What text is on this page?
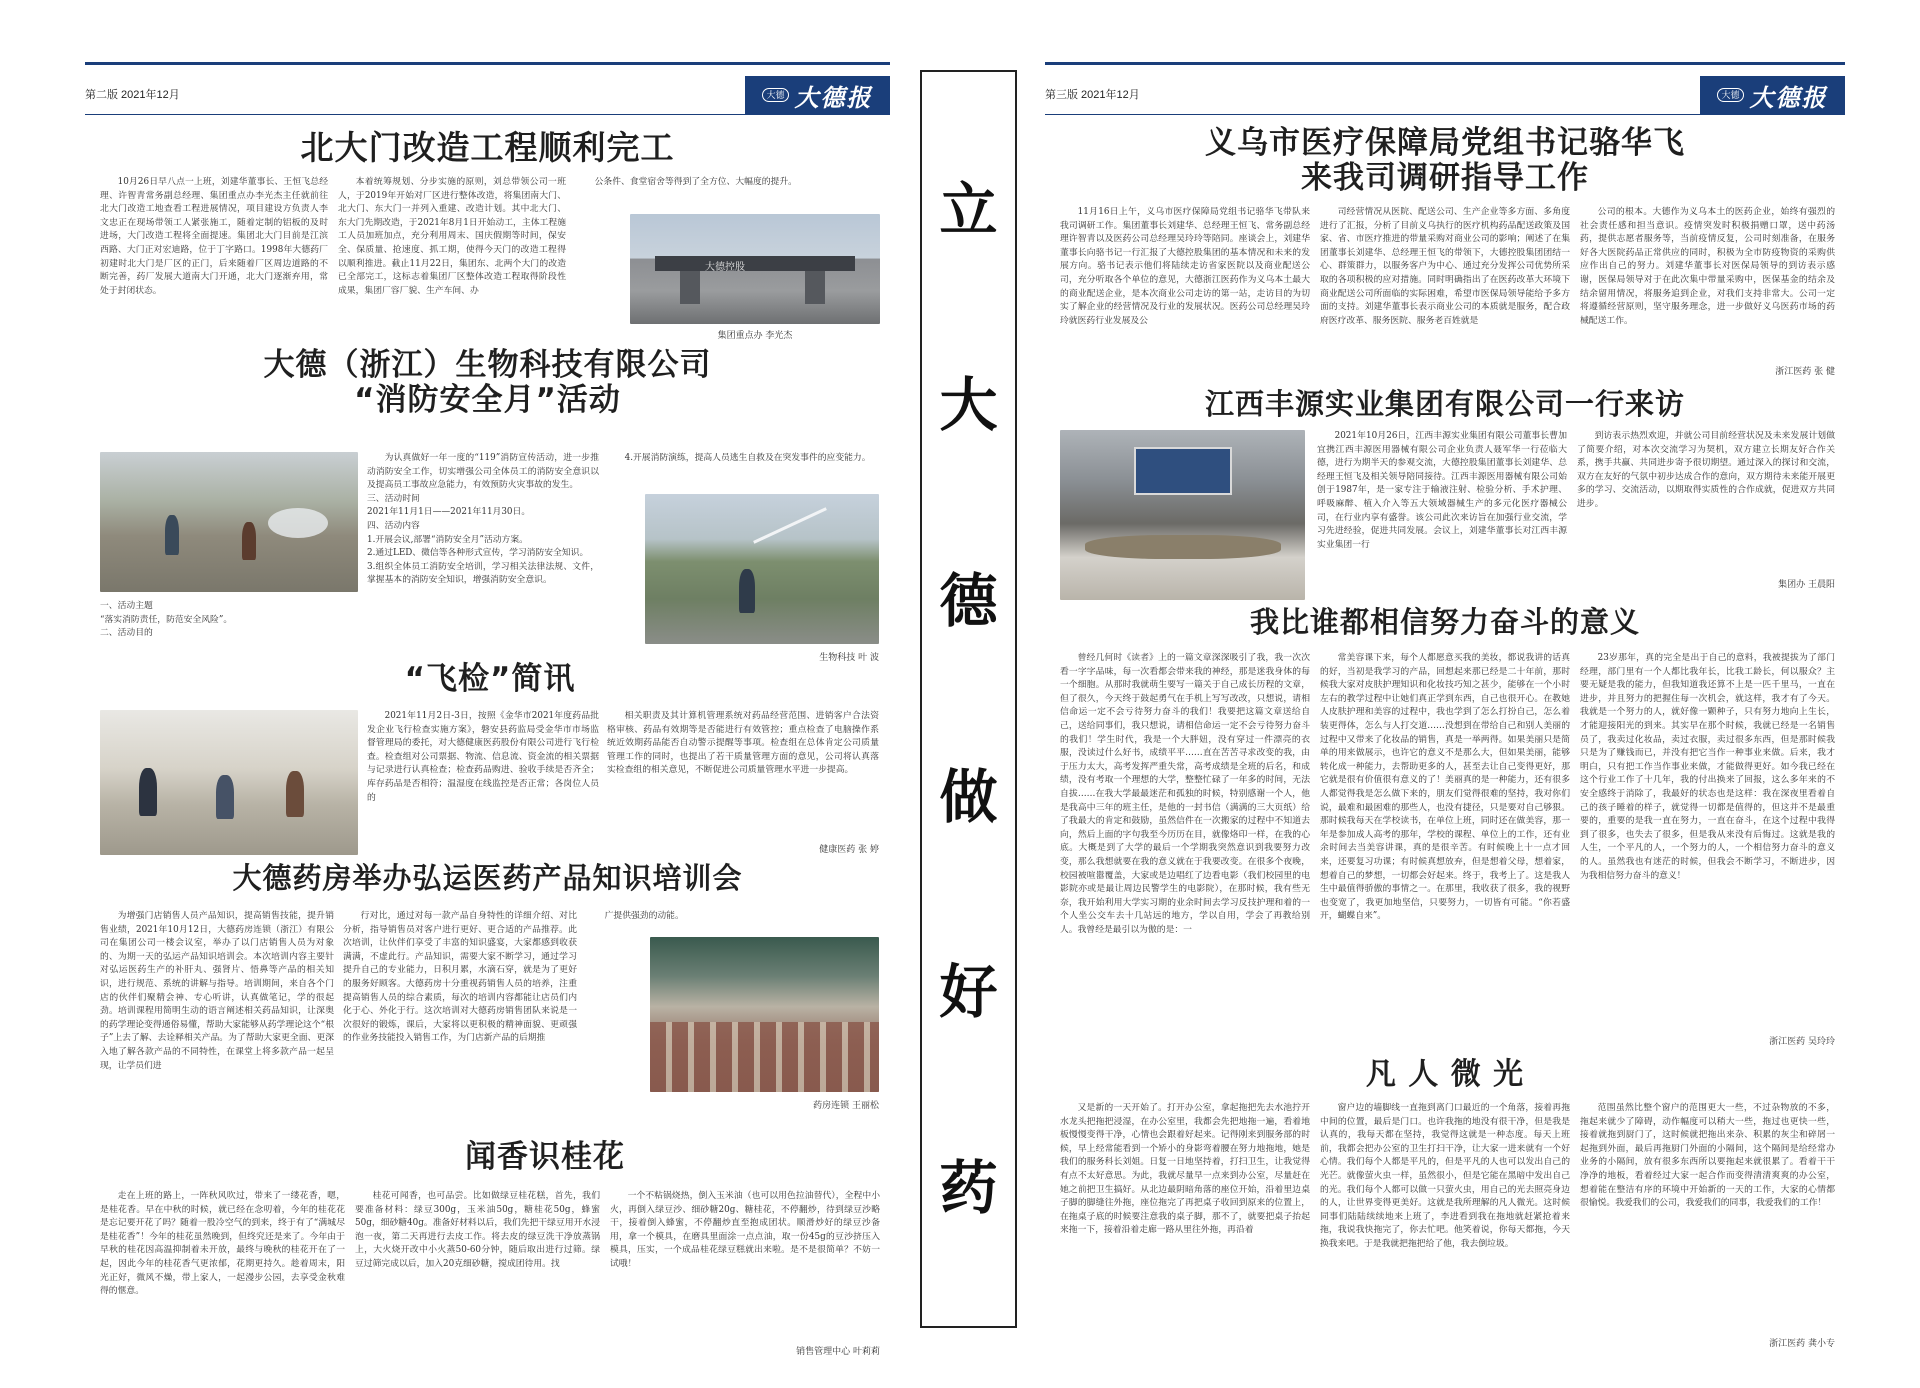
第二版 2021年12月	大德 大德报
北大门改造工程顺利完工

10月26日早八点一上班，刘建华董事长、王恒飞总经理、许智青常务副总经理、集团重点办李光杰主任就前往北大门改造工地查看工程进展情况，项目建设方负责人李文忠正在现场带领工人紧张施工，随着定制的铝板的及时进场，大门改造工程将全面提速。集团北大门目前是江滨西路、大门正对宏迪路，位于丁字路口。1998年大德药厂初建时北大门是厂区的正门，后来随着厂区周边道路的不断完善，药厂发展大道南大门开通，北大门逐渐弃用，常处于封闭状态。

本着统筹规划、分步实施的原则，刘总带领公司一班人，于2019年开始对厂区进行整体改造，将集团南大门、北大门、东大门一并列入重建、改造计划。其中北大门、东大门先期改造，于2021年8月1日开始动工，主体工程施工人员加班加点，充分利用周末、国庆假期等时间，保安全、保质量、抢速度、抓工期，使得今天门的改造工程得以顺利推进。截止11月22日，集团东、北两个大门的改造已全部完工，这标志着集团厂区整体改造工程取得阶段性成果，集团厂容厂貌、生产车间、办

公条件、食堂宿舍等得到了全方位、大幅度的提升。

大德控股
集团重点办 李光杰
大德（浙江）生物科技有限公司
“消防安全月”活动

一、活动主题
“落实消防责任，防范安全风险”。
二、活动目的

为认真做好一年一度的“119”消防宣传活动，进一步推动消防安全工作，切实增强公司全体员工的消防安全意识以及提高员工事故应急能力，有效预防火灾事故的发生。
三、活动时间
2021年11月1日——2021年11月30日。
四、活动内容
1.开展会议,部署“消防安全月”活动方案。
2.通过LED、微信等各种形式宣传，学习消防安全知识。
3.组织全体员工消防安全培训，学习相关法律法规、文件，掌握基本的消防安全知识，增强消防安全意识。

4.开展消防演练，提高人员逃生自救及在突发事件的应变能力。

生物科技 叶 波
“飞检”简讯

2021年11月2日-3日，按照《金华市2021年度药品批发企业飞行检查实施方案》，磐安县药监局受金华市市场监督管理局的委托，对大德健康医药股份有限公司进行飞行检查。检查组对公司票据、物流、信息流、资金流的相关票据与记录进行认真检查；检查药品购进、验收手续是否齐全；库存药品是否相符；温湿度在线监控是否正常；各岗位人员的

相关职责及其计算机管理系统对药品经营范围、进销客户合法资格审核、药品有效期等是否能进行有效管控；重点检查了电脑操作系统近效期药品能否自动警示提醒等事项。检查组在总体肯定公司质量管理工作的同时，也提出了若干质量管理方面的意见，公司将认真落实检查组的相关意见，不断促进公司质量管理水平进一步提高。

健康医药 张 婷
大德药房举办弘运医药产品知识培训会

为增强门店销售人员产品知识，提高销售技能，提升销售业绩，2021年10月12日，大德药房连锁（浙江）有限公司在集团公司一楼会议室，举办了以门店销售人员为对象的、为期一天的弘运产品知识培训会。本次培训内容主要针对弘运医药生产的补肝丸、强肾片、悟鼻等产品的相关知识，进行规范、系统的讲解与指导。培训期间，来自各个门店的伙伴们聚精会神、专心听讲，认真做笔记，学的很起劲。培训课程用简明生动的语言阐述相关药品知识，让深奥的药学理论变得通俗易懂，帮助大家能够从药学理论这个“根子”上去了解、去诠释相关产品。为了帮助大家更全面、更深入地了解各款产品的不同特性，在课堂上将多款产品一起呈现，让学员们进

行对比，通过对每一款产品自身特性的详细介绍、对比分析，指导销售员对客户进行更好、更合适的产品推荐。此次培训，让伙伴们享受了丰富的知识盛宴，大家都感到收获满满，不虚此行。产品知识，需要大家不断学习，通过学习提升自己的专业能力，日积月累，水滴石穿，就是为了更好的服务好顾客。大德药房十分重视药销售人员的培养，注重提高销售人员的综合素质，每次的培训内容都能让店员们内化于心、外化于行。这次培训对大德药房销售团队来说是一次很好的锻炼，课后，大家将以更积极的精神面貌、更顽强的作业务技能投入销售工作，为门店新产品的后期推

广提供强劲的动能。

药房连锁 王丽松
闻香识桂花

走在上班的路上，一阵秋风吹过，带来了一缕花香，嗯，是桂花香。早在中秋的时候，就已经在念叨着，今年的桂花花是忘记要开花了吗？随着一股冷空气的到来，终于有了“满城尽是桂花香”！今年的桂花虽然晚到，但终究还是来了。今年由于早秋的桂花因高温抑制着未开放，最终与晚秋的桂花开在了一起，因此今年的桂花香气更浓郁，花期更持久。趁着周末，阳光正好，微风不燥，带上家人，一起漫步公园，去享受金秋难得的惬意。

桂花可闻香，也可品尝。比如做绿豆桂花糕，首先，我们要准备材料：绿豆300g，玉米油50g，糖桂花50g，蜂蜜50g，细砂糖40g。准备好材料以后，我们先把干绿豆用开水浸泡一夜，第二天再进行去皮工作。将去皮的绿豆洗干净放蒸锅上，大火烧开改中小火蒸50-60分钟，随后取出进行过筛。绿豆过筛完成以后，加入20克细砂糖，搅成团待用。找

一个不粘锅烧热，倒入玉米油（也可以用色拉油替代），全程中小火，再倒入绿豆沙、细砂糖20g、糖桂花，不停翻炒，待到绿豆沙略干，接着倒入蜂蜜，不停翻炒直至抱成团状。顺滑炒好的绿豆沙备用，拿一个模具，在磨具里面涂一点点油，取一份45g的豆沙挤压入模具，压实，一个成品桂花绿豆糕就出来啦。是不是很简单？不妨一试哦！

销售管理中心 叶莉莉
立
大
德
做
好
药
第三版 2021年12月	大德 大德报
义乌市医疗保障局党组书记骆华飞
来我司调研指导工作

11月16日上午，义乌市医疗保障局党组书记骆华飞带队来我司调研工作。集团董事长刘建华、总经理王恒飞、常务副总经理许智青以及医药公司总经理吴玲玲等陪同。座谈会上，刘建华董事长向骆书记一行汇报了大德控股集团的基本情况和未来的发展方向。骆书记表示他们将陆续走访省家医院以及商业配送公司，充分听取各个单位的意见，大德浙江医药作为义乌本土最大的商业配送企业，是本次商业公司走访的第一站，走访目的为切实了解企业的经营情况及行业的发展状况。医药公司总经理吴玲玲就医药行业发展及公

司经营情况从医院、配送公司、生产企业等多方面、多角度进行了汇报，分析了目前义乌执行的医疗机构药品配送政策及国家、省、市医疗推进的带量采购对商业公司的影响；阐述了在集团董事长刘建华、总经理王恒飞的带领下，大德控股集团团结一心、群策群力，以服务客户为中心、通过充分发挥公司优势所采取的各项积极的应对措施。同时明确指出了在医药改革大环境下商业配送公司所面临的实际困难，希望市医保局领导能给予多方面的支持。刘建华董事长表示商业公司的本质就是服务，配合政府医疗改革、服务医院、服务老百姓就是

公司的根本。大德作为义乌本土的医药企业，始终有强烈的社会责任感和担当意识。疫情突发时积极捐赠口罩，送中药汤药，提供志愿者服务等，当前疫情反复，公司时刻准备，在服务好各大医院药品正常供应的同时，积极为全市防疫物资的采购供应作出自己的努力。刘建华董事长对医保局领导的到访表示感谢，医保局领导对于在此次集中带量采购中，医保基金的结余及结余留用情况，将服务追到企业，对我们支持非常大。公司一定将遵循经营原则，坚守服务理念，进一步做好义乌医药市场的药械配送工作。

浙江医药 张 健
江西丰源实业集团有限公司一行来访

2021年10月26日，江西丰源实业集团有限公司董事长曹加宜携江西丰源医用器械有限公司企业负责人聂军华一行莅临大德，进行为期半天的参观交流，大德控股集团董事长刘建华、总经理王恒飞及相关领导陪同接待。江西丰源医用器械有限公司始创于1987年，是一家专注于输液注射、检验分析、手术护理、呼吸麻醉、植入介入等五大领域器械生产的多元化医疗器械公司，在行业内享有盛誉。该公司此次来访旨在加强行业交流，学习先进经验，促进共同发展。会议上，刘建华董事长对江西丰源实业集团一行

到访表示热烈欢迎，并就公司目前经营状况及未来发展计划做了简要介绍，对本次交流学习为契机，双方建立长期友好合作关系，携手共赢、共同进步寄予很切期望。通过深入的探讨和交流，双方在友好的气氛中初步达成合作的意向，双方期待未来能开展更多的学习、交流活动，以期取得实质性的合作成就，促进双方共同进步。

集团办 王晨阳
我比谁都相信努力奋斗的意义

曾经几何时《读者》上的一篇文章深深吸引了我，我一次次看一字字品味，每一次看都会带来我的神经，那是迷我身体的每一个细胞。从那时我就萌生要写一篇关于自己成长历程的文章，但了很久，今天终于鼓起勇气在手机上写写改改，只想说，请相信命运一定不会亏待努力奋斗的我们！我要把这篇文章送给自己，送给同事们，我只想说，请相信命运一定不会亏待努力奋斗的我们！学生时代，我是一个大胖妞，没有穿过一件漂亮的衣服，没读过什么好书，成绩平平……直在苦苦寻求改变的我，由于压力太大，高考发挥严重失常，高考成绩是全班的后名，和成绩，没有考取一个理想的大学，整整忙碌了一年多的时间，无法自拔……在我大学最最迷茫和孤独的时候，特别感谢一个人，他是我高中三年的班主任，是他的一封书信（满满的三大页纸）给了我最大的肯定和鼓励，虽然信件在一次搬家的过程中不知道去向，然后上面的字句我至今历历在目，就像烙印一样，在我的心底。大概是到了大学的最后一个学期我突然意识到我要努力改变，那么我想就要在我的意义就在于我要改变。在很多个夜晚，校园被喧嚣覆盖，大家或是边唱红了边看电影（我们校园里的电影院亦或是最让周边民警学生的电影院），在那时候，我有些无奈，我开始利用大学实习期的业余时间去学习反技护理和着的一个人坐公交车去十几站远的地方，学以自用，学会了再教给别人。我曾经是最引以为傲的是：一

常美容课下来，每个人都愿意买我的美妆，都说我讲的话真的好，当初是我学习的产品，回想起来那已经是二十年前，那时候我大家对皮肤护理知识和化妆技巧知之甚少，能够在一个小时左右的教学过程中让她们真正学到东西，自己也很开心。在教她人皮肤护理和美容的过程中，我也学到了怎么打扮自己，怎么着装更得体，怎么与人打交道……没想到在带给自己和别人美丽的过程中又带来了化妆品的销售，真是一举两得。如果美丽只是简单的用来做展示，也许它的意义不是那么大，但如果美丽，能够转化成一种能力，去帮助更多的人，甚至去让自己变得更好，那它就是很有价值很有意义的了！美丽真的是一种能力，还有很多人都觉得我是怎么做下来的，朋友们觉得很难的坚持，我对你们说，最难和最困难的那些人，也没有捷径，只是要对自己够狠。那时候我每天在学校读书，在单位上班，同时还在做美容，那一年是参加成人高考的那年，学校的课程、单位上的工作，还有业余时间去当美容讲课，真的是很辛苦。有时候晚上十一点才回来，还要复习功课；有时候真想放弃，但是想着父母，想着家，想着自己的梦想，一切都会好起来。终于，我考上了。这是我人生中最值得骄傲的事情之一。在那里，我收获了很多，我的视野也变宽了，我更加地坚信，只要努力，一切皆有可能。“你若盛开，蝴蝶自来”。

23岁那年，真的完全是出于自己的意料，我被提拔为了部门经理，部门里有一个人都比我年长，比我工龄长，何以服众？主要无疑是我的能力，但我知道我还算不上是一匹千里马，一直在进步，并且努力的把握住每一次机会，就这样，我才有了今天。我就是一个努力的人，就好像一颗种子，只有努力地向上生长，才能迎接阳光的到来。其实早在那个时候，我就已经是一名销售员了，我卖过化妆品，卖过衣服，卖过很多东西，但是那时候我只是为了赚钱而已，并没有把它当作一种事业来做。后来，我才明白，只有把工作当作事业来做，才能做得更好。如今我已经在这个行业工作了十几年，我的付出换来了回报，这么多年来的不安全感终于消除了，我最好的状态也是这样：我在深夜里看着自己的孩子睡着的样子，就觉得一切都是值得的，但这并不是最重要的，重要的是我一直在努力，一直在奋斗，在这个过程中我得到了很多，也失去了很多，但是我从来没有后悔过。这就是我的人生，一个平凡的人，一个努力的人，一个相信努力奋斗的意义的人。虽然我也有迷茫的时候，但我会不断学习，不断进步，因为我相信努力奋斗的意义！

浙江医药 吴玲玲
凡 人 微 光

又是新的一天开始了。打开办公室，拿起拖把先去水池拧开水龙头把拖把浸湿，在办公室里，我都会先把地拖一遍，看着地板慢慢变得干净，心情也会跟着好起来。记得刚来到服务部的时候，早上经常能看到一个矫小的身影弯着腰在努力地拖地，她是我们的服务科长刘姐。日复一日地坚持着，打扫卫生，让我觉得有点不太好意思。为此，我就尽量早一点来到办公室，尽量赶在她之前把卫生搞好。从北边最阴暗角落的座位开始，沿着里边桌子脚的脚缝往外拖，座位拖完了再把桌子收回到原来的位置上，在拖桌子底的时候要注意我的桌子脚，那不了，就要把桌子抬起来拖一下，接着沿着走廊一路从里往外拖，再沿着

窗户边的墙脚线一直拖到离门口最近的一个角落，接着再拖中间的位置，最后是门口。也许我拖的地没有很干净，但是我是认真的，我每天都在坚持，我觉得这就是一种态度。每天上班前，我都会把办公室的卫生打扫干净，让大家一进来就有一个好心情。我们每个人都是平凡的，但是平凡的人也可以发出自己的光芒。就像萤火虫一样，虽然很小，但是它能在黑暗中发出自己的光。我们每个人都可以做一只萤火虫，用自己的光去照亮身边的人，让世界变得更美好。这就是我所理解的凡人微光。这时候同事们陆陆续续地来上班了，李进看到我在拖地就赶紧抢着来拖，我说我快拖完了，你去忙吧。他笑着说，你每天都拖，今天换我来吧。于是我就把拖把给了他，我去倒垃圾。

范围虽然比整个窗户的范围更大一些，不过杂物放的不多，拖起来就少了障碍，动作幅度可以稍大一些，拖过也更快一些，接着就拖到厨门了，这时候就把拖出来杂、积累的灰尘和碎屑一起拖到外面，最后再拖厨门外面的小隔间，这个隔间是给经常办业务的小隔间，放有很多东西所以要拖起来就很累了。看着干干净净的地板，看着经过大家一起合作而变得清清爽爽的办公室，想着能在整洁有序的环境中开始新的一天的工作，大家的心情都很愉悦。我爱我们的公司，我爱我们的同事，我爱我们的工作！

浙江医药 龚小专
